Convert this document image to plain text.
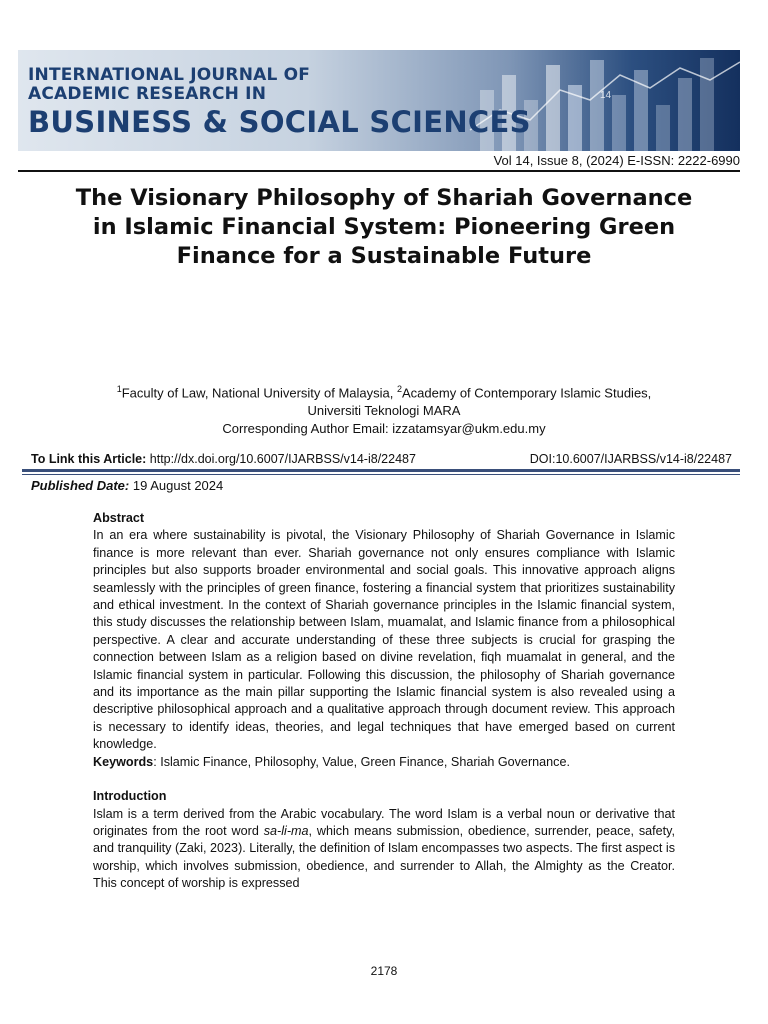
14
INTERNATIONAL JOURNAL OF
ACADEMIC RESEARCH IN
BUSINESS & SOCIAL SCIENCES
Vol 14, Issue 8, (2024) E-ISSN: 2222-6990
The Visionary Philosophy of Shariah Governance in Islamic Financial System: Pioneering Green Finance for a Sustainable Future
$^1$Faculty of Law, National University of Malaysia, $^2$Academy of Contemporary Islamic Studies,
Universiti Teknologi MARA
Corresponding Author Email: izzatamsyar@ukm.edu.my
To Link this Article: http://dx.doi.org/10.6007/IJARBSS/v14-i8/22487	DOI:10.6007/IJARBSS/v14-i8/22487
Published Date: 19 August 2024
Abstract

In an era where sustainability is pivotal, the Visionary Philosophy of Shariah Governance in Islamic finance is more relevant than ever. Shariah governance not only ensures compliance with Islamic principles but also supports broader environmental and social goals. This innovative approach aligns seamlessly with the principles of green finance, fostering a financial system that prioritizes sustainability and ethical investment. In the context of Shariah governance principles in the Islamic financial system, this study discusses the relationship between Islam, muamalat, and Islamic finance from a philosophical perspective. A clear and accurate understanding of these three subjects is crucial for grasping the connection between Islam as a religion based on divine revelation, fiqh muamalat in general, and the Islamic financial system in particular. Following this discussion, the philosophy of Shariah governance and its importance as the main pillar supporting the Islamic financial system is also revealed using a descriptive philosophical approach and a qualitative approach through document review. This approach is necessary to identify ideas, theories, and legal techniques that have emerged based on current knowledge.

Keywords: Islamic Finance, Philosophy, Value, Green Finance, Shariah Governance.

Introduction

Islam is a term derived from the Arabic vocabulary. The word Islam is a verbal noun or derivative that originates from the root word sa-li-ma, which means submission, obedience, surrender, peace, safety, and tranquility (Zaki, 2023). Literally, the definition of Islam encompasses two aspects. The first aspect is worship, which involves submission, obedience, and surrender to Allah, the Almighty as the Creator. This concept of worship is expressed

2178
